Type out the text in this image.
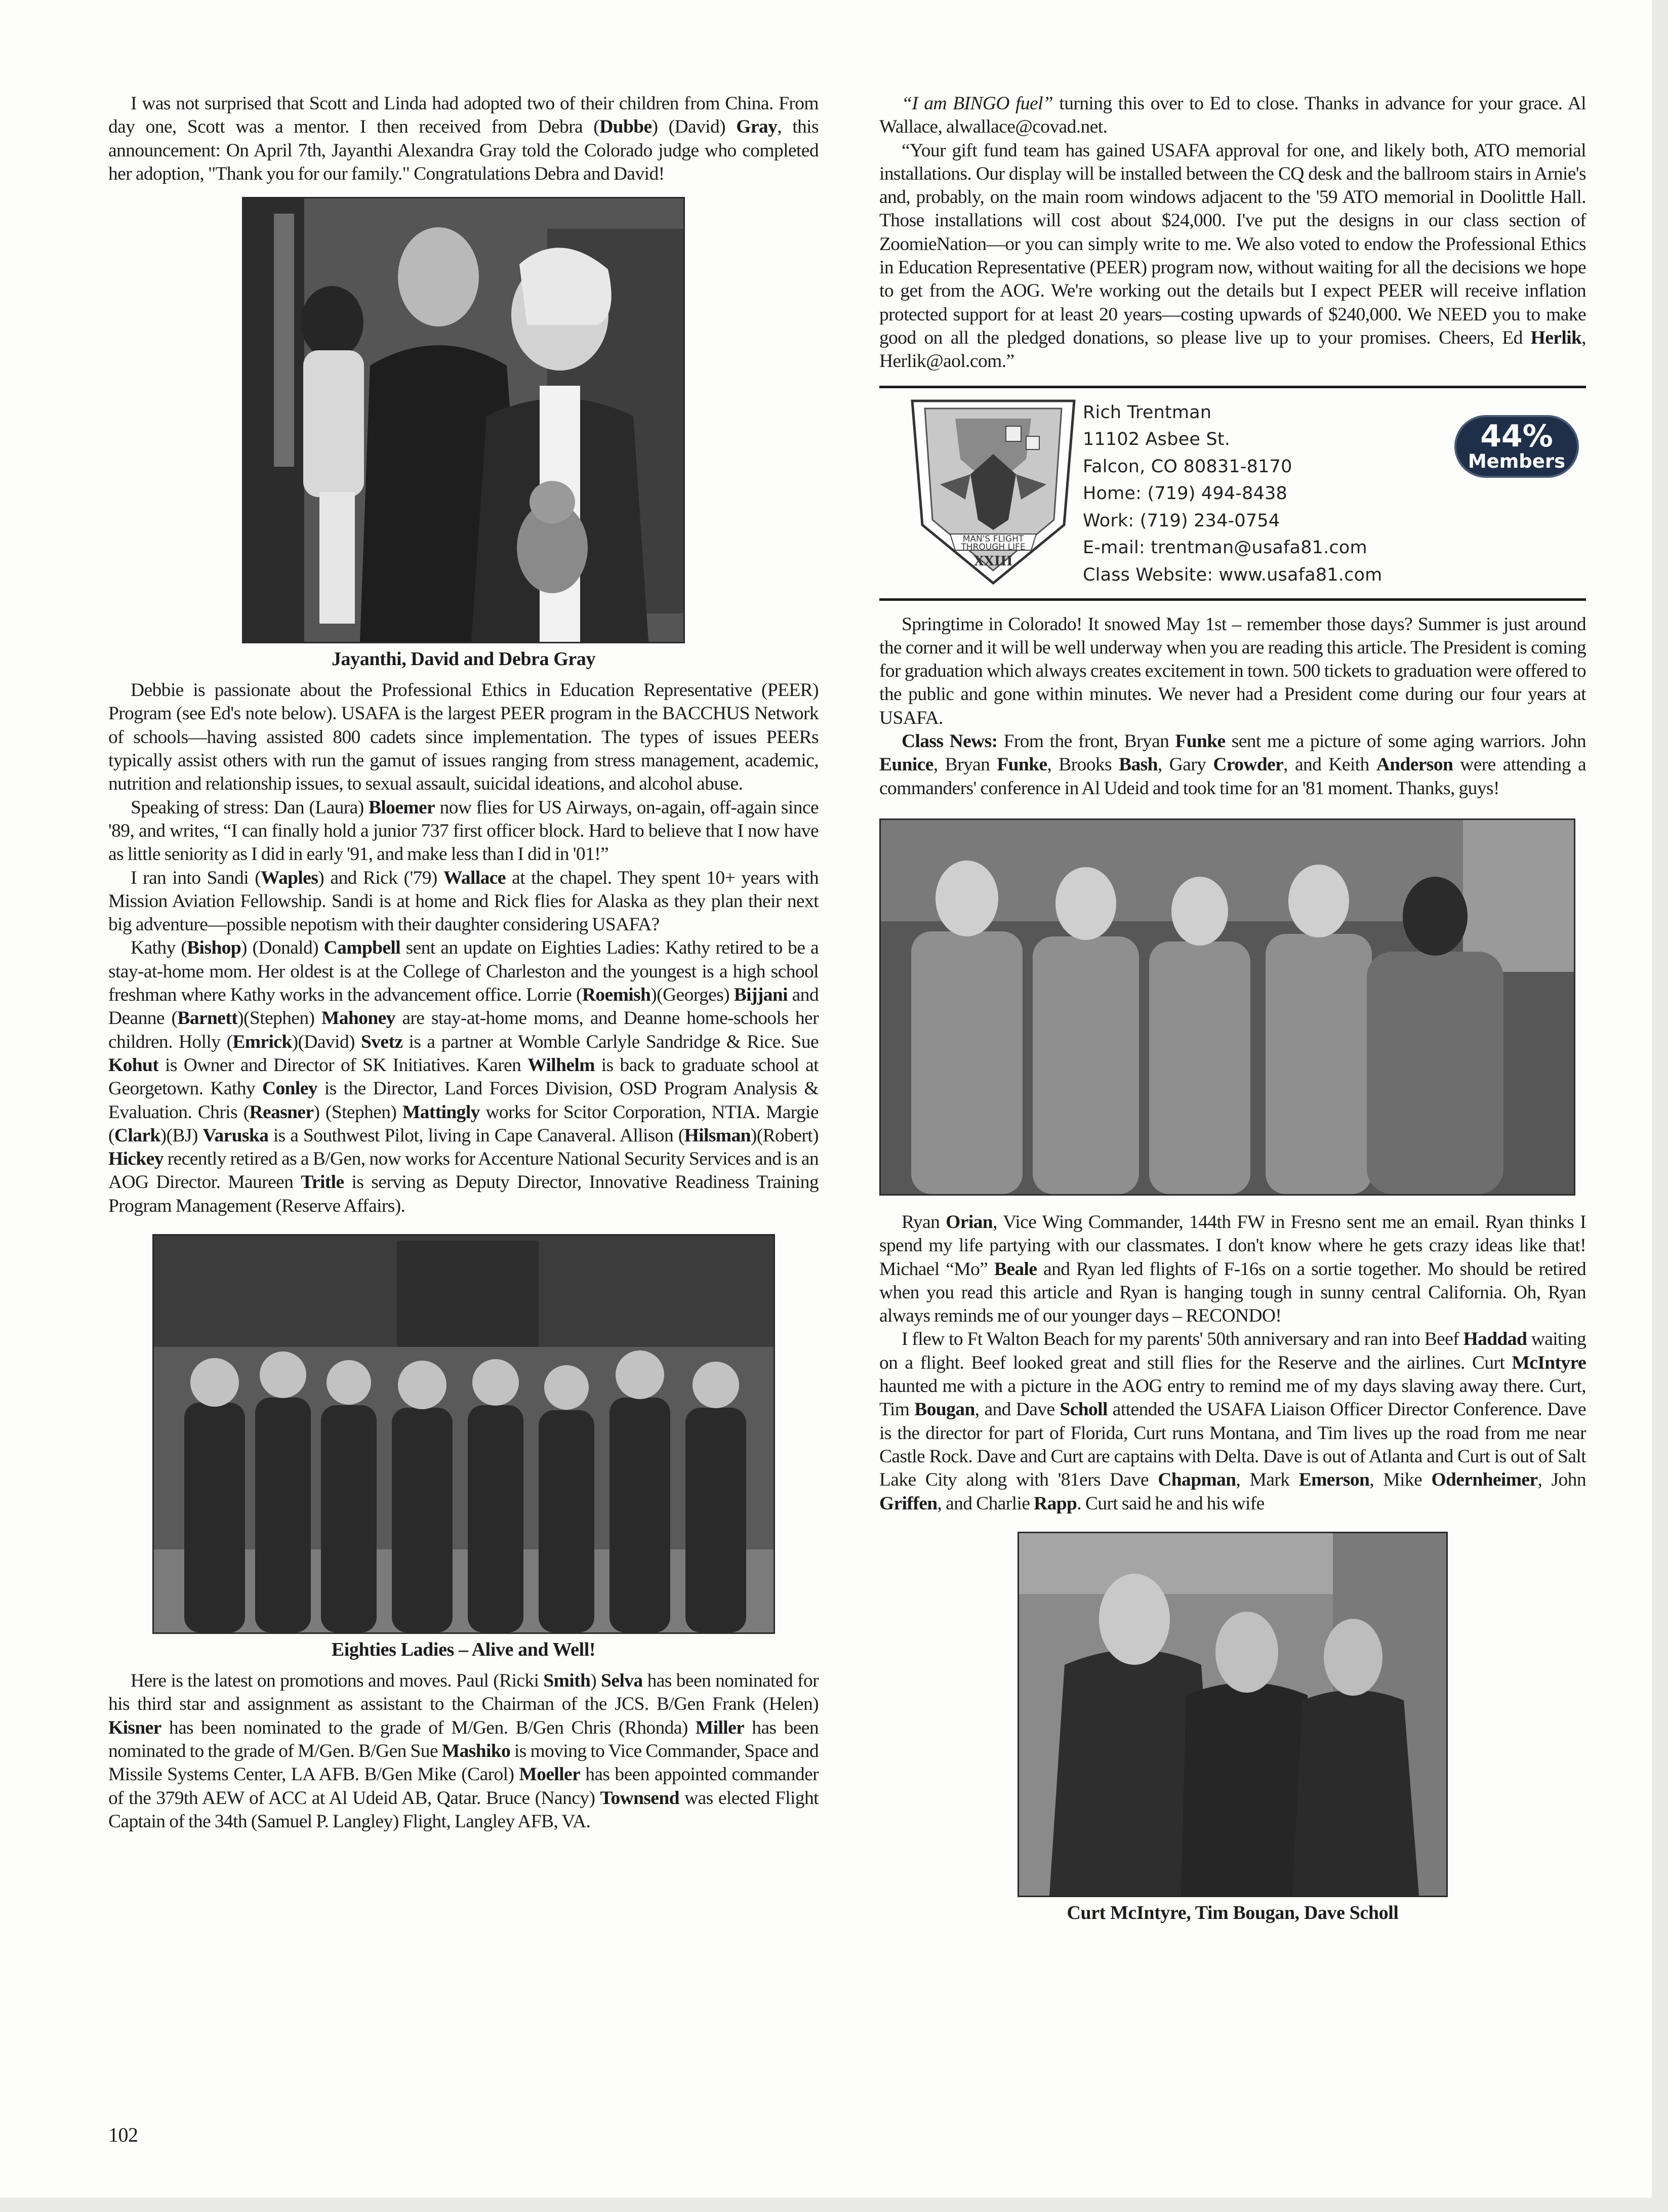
I was not surprised that Scott and Linda had adopted two of their children from China. From day one, Scott was a mentor. I then received from Debra (Dubbe) (David) Gray, this announcement: On April 7th, Jayanthi Alexandra Gray told the Colorado judge who completed her adoption, "Thank you for our family." Congratulations Debra and David!

Jayanthi, David and Debra Gray

Debbie is passionate about the Professional Ethics in Education Representative (PEER) Program (see Ed's note below). USAFA is the largest PEER program in the BACCHUS Network of schools—having assisted 800 cadets since implementation. The types of issues PEERs typically assist others with run the gamut of issues ranging from stress management, academic, nutrition and relationship issues, to sexual assault, suicidal ideations, and alcohol abuse.

Speaking of stress: Dan (Laura) Bloemer now flies for US Airways, on-again, off-again since '89, and writes, “I can finally hold a junior 737 first officer block. Hard to believe that I now have as little seniority as I did in early '91, and make less than I did in '01!”

I ran into Sandi (Waples) and Rick ('79) Wallace at the chapel. They spent 10+ years with Mission Aviation Fellowship. Sandi is at home and Rick flies for Alaska as they plan their next big adventure—possible nepotism with their daughter considering USAFA?

Kathy (Bishop) (Donald) Campbell sent an update on Eighties Ladies: Kathy retired to be a stay-at-home mom. Her oldest is at the College of Charleston and the youngest is a high school freshman where Kathy works in the advancement office. Lorrie (Roemish)(Georges) Bijjani and Deanne (Barnett)(Stephen) Mahoney are stay-at-home moms, and Deanne home-schools her children. Holly (Emrick)(David) Svetz is a partner at Womble Carlyle Sandridge & Rice. Sue Kohut is Owner and Director of SK Initiatives. Karen Wilhelm is back to graduate school at Georgetown. Kathy Conley is the Director, Land Forces Division, OSD Program Analysis & Evaluation. Chris (Reasner) (Stephen) Mattingly works for Scitor Corporation, NTIA. Margie (Clark)(BJ) Varuska is a Southwest Pilot, living in Cape Canaveral. Allison (Hilsman)(Robert) Hickey recently retired as a B/Gen, now works for Accenture National Security Services and is an AOG Director. Maureen Tritle is serving as Deputy Director, Innovative Readiness Training Program Management (Reserve Affairs).

Eighties Ladies – Alive and Well!

Here is the latest on promotions and moves. Paul (Ricki Smith) Selva has been nominated for his third star and assignment as assistant to the Chairman of the JCS. B/Gen Frank (Helen) Kisner has been nominated to the grade of M/Gen. B/Gen Chris (Rhonda) Miller has been nominated to the grade of M/Gen. B/Gen Sue Mashiko is moving to Vice Commander, Space and Missile Systems Center, LA AFB. B/Gen Mike (Carol) Moeller has been appointed commander of the 379th AEW of ACC at Al Udeid AB, Qatar. Bruce (Nancy) Townsend was elected Flight Captain of the 34th (Samuel P. Langley) Flight, Langley AFB, VA.

“I am BINGO fuel” turning this over to Ed to close. Thanks in advance for your grace. Al Wallace, alwallace@covad.net.

“Your gift fund team has gained USAFA approval for one, and likely both, ATO memorial installations. Our display will be installed between the CQ desk and the ballroom stairs in Arnie's and, probably, on the main room windows adjacent to the '59 ATO memorial in Doolittle Hall. Those installations will cost about $24,000. I've put the designs in our class section of ZoomieNation—or you can simply write to me. We also voted to endow the Professional Ethics in Education Representative (PEER) program now, without waiting for all the decisions we hope to get from the AOG. We're working out the details but I expect PEER will receive inflation protected support for at least 20 years—costing upwards of $240,000. We NEED you to make good on all the pledged donations, so please live up to your promises. Cheers, Ed Herlik, Herlik@aol.com.”

MAN'S FLIGHT
THROUGH LIFE
XXIII
Rich Trentman
11102 Asbee St.
Falcon, CO 80831-8170
Home: (719) 494-8438
Work: (719) 234-0754
E-mail: trentman@usafa81.com
Class Website: www.usafa81.com
44%
Members

Springtime in Colorado! It snowed May 1st – remember those days? Summer is just around the corner and it will be well underway when you are reading this article. The President is coming for graduation which always creates excitement in town. 500 tickets to graduation were offered to the public and gone within minutes. We never had a President come during our four years at USAFA.

Class News: From the front, Bryan Funke sent me a picture of some aging warriors. John Eunice, Bryan Funke, Brooks Bash, Gary Crowder, and Keith Anderson were attending a commanders' conference in Al Udeid and took time for an '81 moment. Thanks, guys!

Ryan Orian, Vice Wing Commander, 144th FW in Fresno sent me an email. Ryan thinks I spend my life partying with our classmates. I don't know where he gets crazy ideas like that! Michael “Mo” Beale and Ryan led flights of F-16s on a sortie together. Mo should be retired when you read this article and Ryan is hanging tough in sunny central California. Oh, Ryan always reminds me of our younger days – RECONDO!

I flew to Ft Walton Beach for my parents' 50th anniversary and ran into Beef Haddad waiting on a flight. Beef looked great and still flies for the Reserve and the airlines. Curt McIntyre haunted me with a picture in the AOG entry to remind me of my days slaving away there. Curt, Tim Bougan, and Dave Scholl attended the USAFA Liaison Officer Director Conference. Dave is the director for part of Florida, Curt runs Montana, and Tim lives up the road from me near Castle Rock. Dave and Curt are captains with Delta. Dave is out of Atlanta and Curt is out of Salt Lake City along with '81ers Dave Chapman, Mark Emerson, Mike Odernheimer, John Griffen, and Charlie Rapp. Curt said he and his wife

Curt McIntyre, Tim Bougan, Dave Scholl
102
